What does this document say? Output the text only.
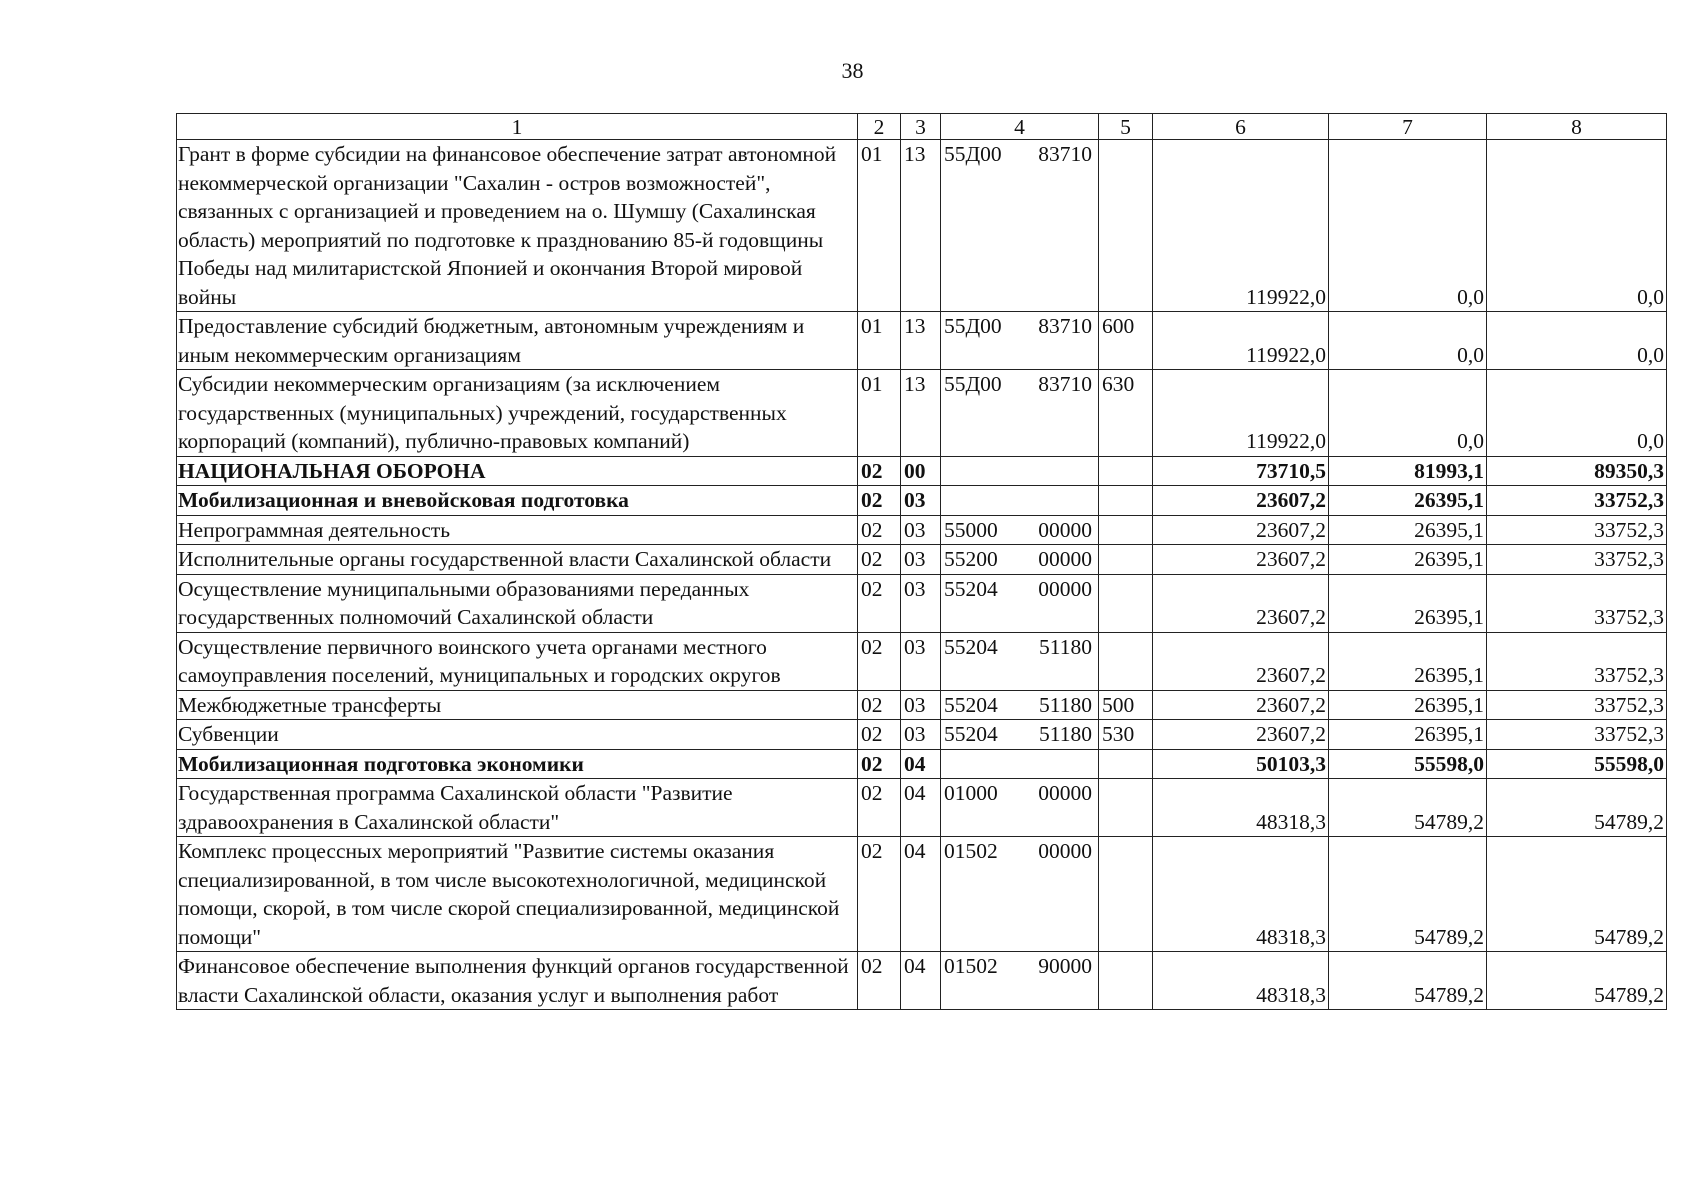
38
1	2	3	4	5	6	7	8
Грант в форме субсидии на финансовое обеспечение затрат автономной некоммерческой организации "Сахалин - остров возможностей", связанных с организацией и проведением на о. Шумшу (Сахалинская область) мероприятий по подготовке к празднованию 85-й годовщины Победы над милитаристской Японией и окончания Второй мировой войны	01	13	55Д00 83710		119922,0	0,0	0,0
Предоставление субсидий бюджетным, автономным учреждениям и иным некоммерческим организациям	01	13	55Д00 83710	600	119922,0	0,0	0,0
Субсидии некоммерческим организациям (за исключением государственных (муниципальных) учреждений, государственных корпораций (компаний), публично-правовых компаний)	01	13	55Д00 83710	630	119922,0	0,0	0,0
НАЦИОНАЛЬНАЯ ОБОРОНА	02	00			73710,5	81993,1	89350,3
Мобилизационная и вневойсковая подготовка	02	03			23607,2	26395,1	33752,3
Непрограммная деятельность	02	03	55000 00000		23607,2	26395,1	33752,3
Исполнительные органы государственной власти Сахалинской области	02	03	55200 00000		23607,2	26395,1	33752,3
Осуществление муниципальными образованиями переданных государственных полномочий Сахалинской области	02	03	55204 00000		23607,2	26395,1	33752,3
Осуществление первичного воинского учета органами местного самоуправления поселений, муниципальных и городских округов	02	03	55204 51180		23607,2	26395,1	33752,3
Межбюджетные трансферты	02	03	55204 51180	500	23607,2	26395,1	33752,3
Субвенции	02	03	55204 51180	530	23607,2	26395,1	33752,3
Мобилизационная подготовка экономики	02	04			50103,3	55598,0	55598,0
Государственная программа Сахалинской области "Развитие здравоохранения в Сахалинской области"	02	04	01000 00000		48318,3	54789,2	54789,2
Комплекс процессных мероприятий "Развитие системы оказания специализированной, в том числе высокотехнологичной, медицинской помощи, скорой, в том числе скорой специализированной, медицинской помощи"	02	04	01502 00000		48318,3	54789,2	54789,2
Финансовое обеспечение выполнения функций органов государственной власти Сахалинской области, оказания услуг и выполнения работ	02	04	01502 90000		48318,3	54789,2	54789,2
